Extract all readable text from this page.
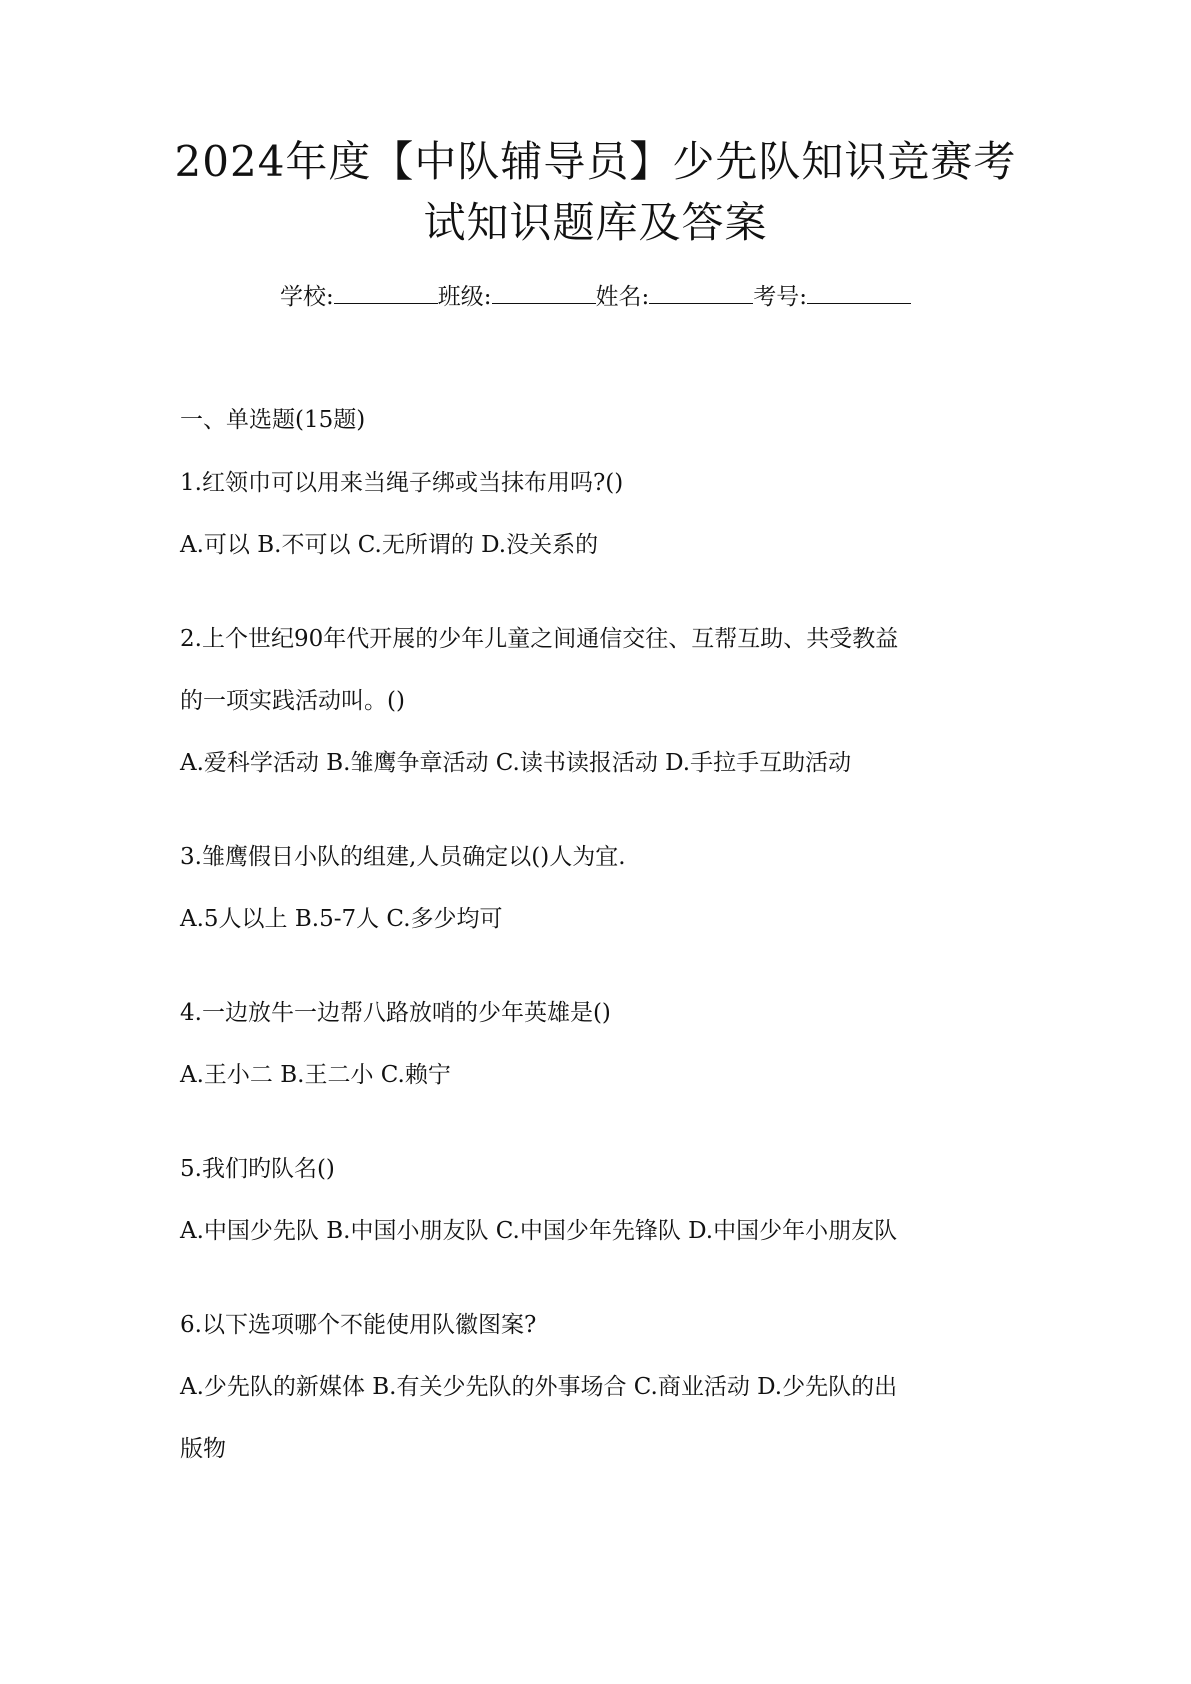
2024年度【中队辅导员】少先队知识竞赛考
试知识题库及答案
学校:	班级:	姓名:	考号:
一、单选题(15题)
1.红领巾可以用来当绳子绑或当抹布用吗?()
A.可以 B.不可以 C.无所谓的 D.没关系的
2.上个世纪90年代开展的少年儿童之间通信交往、互帮互助、共受教益
的一项实践活动叫。()
A.爱科学活动 B.雏鹰争章活动 C.读书读报活动 D.手拉手互助活动
3.雏鹰假日小队的组建,人员确定以()人为宜.
A.5人以上 B.5-7人 C.多少均可
4.一边放牛一边帮八路放哨的少年英雄是()
A.王小二 B.王二小 C.赖宁
5.我们旳队名()
A.中国少先队 B.中国小朋友队 C.中国少年先锋队 D.中国少年小朋友队
6.以下选项哪个不能使用队徽图案?
A.少先队的新媒体 B.有关少先队的外事场合 C.商业活动 D.少先队的出
版物
